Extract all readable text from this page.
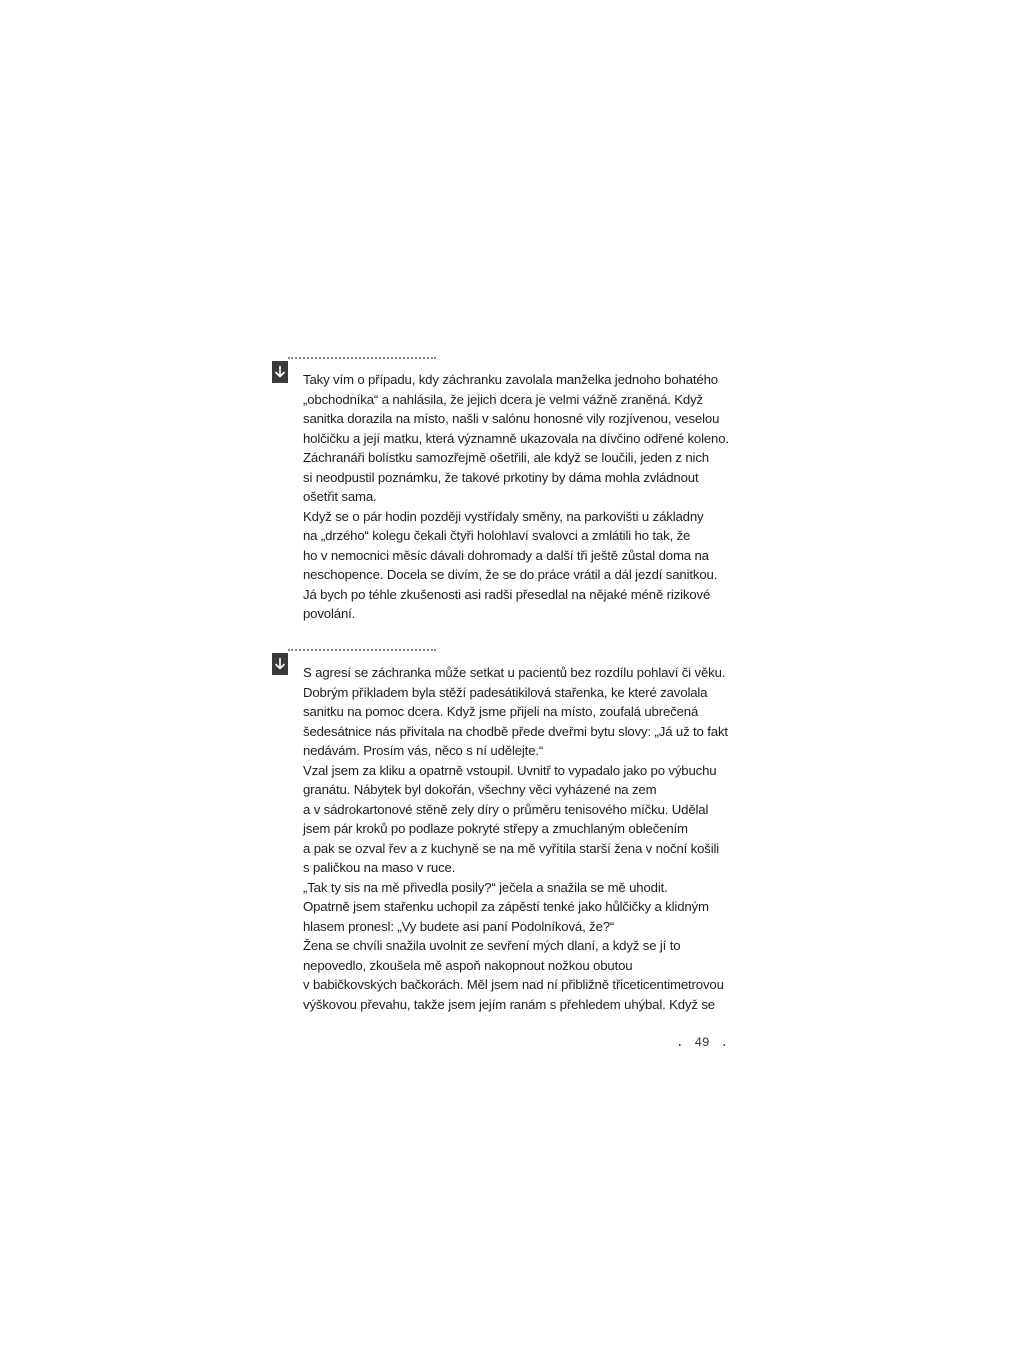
Taky vím o případu, kdy záchranku zavolala manželka jednoho bohatého
„obchodníka“ a nahlásila, že jejich dcera je velmi vážně zraněná. Když
sanitka dorazila na místo, našli v salónu honosné vily rozjívenou, veselou
holčičku a její matku, která významně ukazovala na dívčino odřené koleno.
Záchranáři bolístku samozřejmě ošetřili, ale když se loučili, jeden z nich
si neodpustil poznámku, že takové prkotiny by dáma mohla zvládnout
ošetřit sama.
Když se o pár hodin později vystřídaly směny, na parkovišti u základny
na „drzého“ kolegu čekali čtyři holohlaví svalovci a zmlátili ho tak, že
ho v nemocnici měsíc dávali dohromady a další tři ještě zůstal doma na
neschopence. Docela se divím, že se do práce vrátil a dál jezdí sanitkou.
Já bych po téhle zkušenosti asi radši přesedlal na nějaké méně rizikové
povolání.
S agresí se záchranka může setkat u pacientů bez rozdílu pohlaví či věku.
Dobrým příkladem byla stěží padesátikilová stařenka, ke které zavolala
sanitku na pomoc dcera. Když jsme přijeli na místo, zoufalá ubrečená
šedesátnice nás přivítala na chodbě přede dveřmi bytu slovy: „Já už to fakt
nedávám. Prosím vás, něco s ní udělejte.“
Vzal jsem za kliku a opatrně vstoupil. Uvnitř to vypadalo jako po výbuchu
granátu. Nábytek byl dokořán, všechny věci vyházené na zem
a v sádrokartonové stěně zely díry o průměru tenisového míčku. Udělal
jsem pár kroků po podlaze pokryté střepy a zmuchlaným oblečením
a pak se ozval řev a z kuchyně se na mě vyřítila starší žena v noční košili
s paličkou na maso v ruce.
„Tak ty sis na mě přivedla posily?“ ječela a snažila se mě uhodit.
Opatrně jsem stařenku uchopil za zápěstí tenké jako hůlčičky a klidným
hlasem pronesl: „Vy budete asi paní Podolníková, že?“
Žena se chvíli snažila uvolnit ze sevření mých dlaní, a když se jí to
nepovedlo, zkoušela mě aspoň nakopnout nožkou obutou
v babičkovských bačkorách. Měl jsem nad ní přibližně třiceticentimetrovou
výškovou převahu, takže jsem jejím ranám s přehledem uhýbal. Když se
. 49 .
